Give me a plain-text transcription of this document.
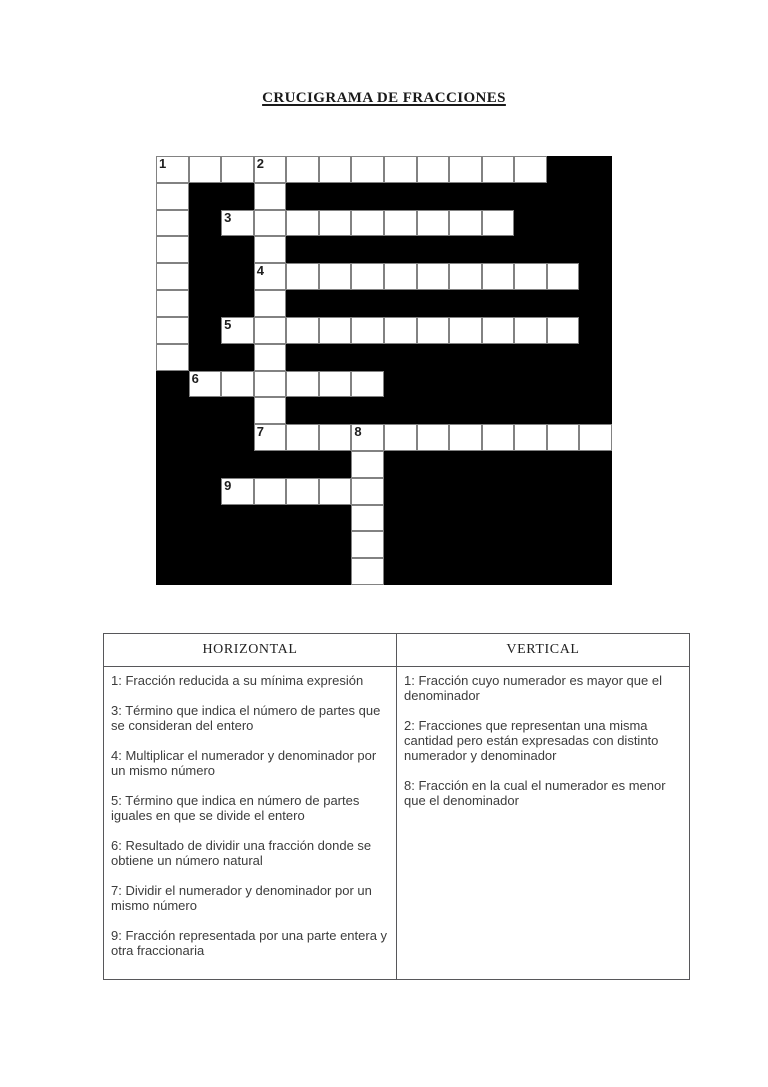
CRUCIGRAMA DE FRACCIONES
1	2
3
4
5
6
7	8
9
HORIZONTAL	VERTICAL

1: Fracción reducida a su mínima expresión

3: Término que indica el número de partes que se consideran del entero

4: Multiplicar el numerador y denominador por un mismo número

5: Término que indica en número de partes iguales en que se divide el entero

6: Resultado de dividir una fracción donde se obtiene un número natural

7: Dividir el numerador y denominador por un mismo número

9: Fracción representada por una parte entera y otra fraccionaria

1: Fracción cuyo numerador es mayor que el denominador

2: Fracciones que representan una misma cantidad pero están expresadas con distinto numerador y denominador

8: Fracción en la cual el numerador es menor que el denominador
